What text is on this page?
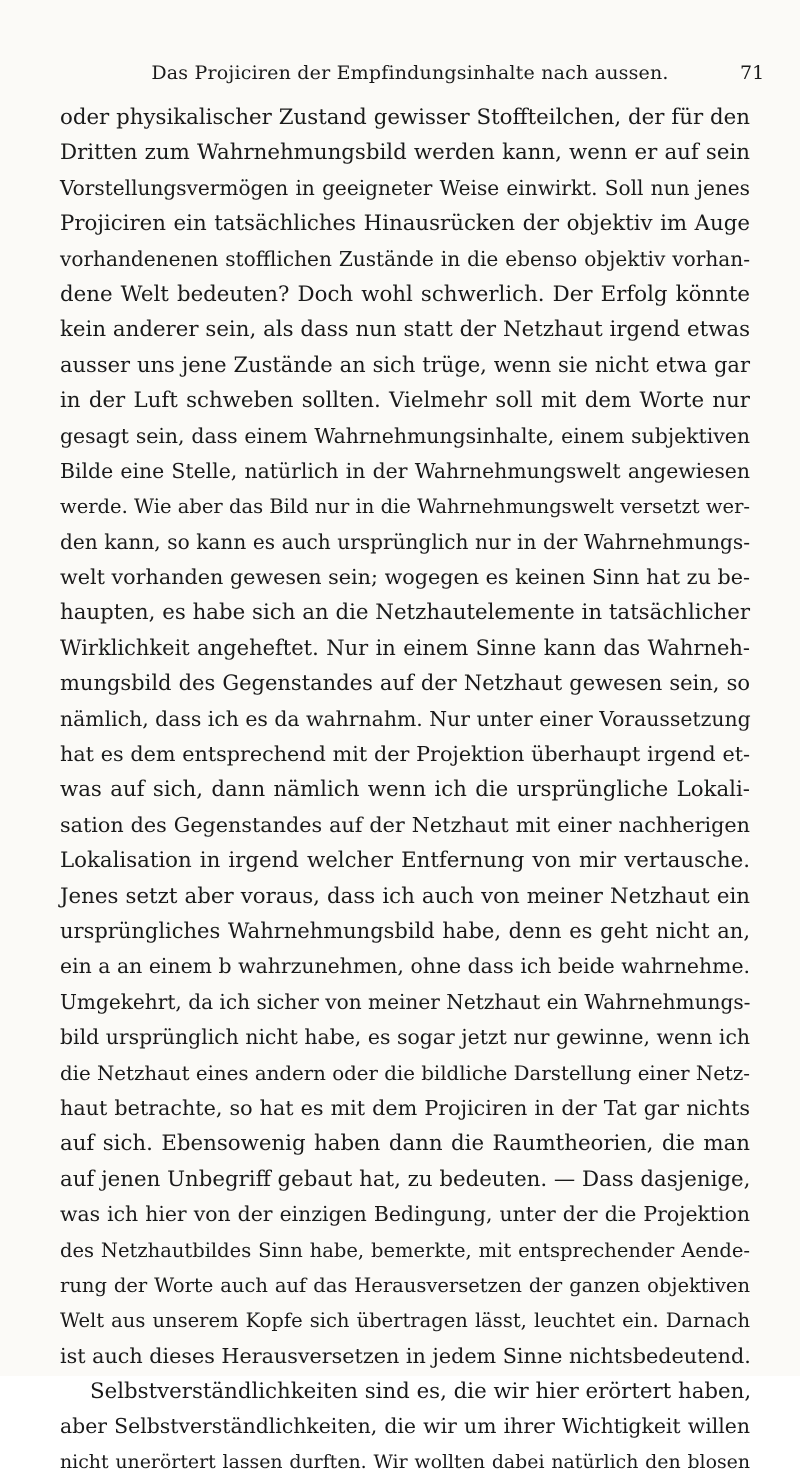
Das Projiciren der Empfindungsinhalte nach aussen.	71
oder physikalischer Zustand gewisser Stoffteilchen, der für den
Dritten zum Wahrnehmungsbild werden kann, wenn er auf sein
Vorstellungsvermögen in geeigneter Weise einwirkt. Soll nun jenes
Projiciren ein tatsächliches Hinausrücken der objektiv im Auge
vorhandenenen stofflichen Zustände in die ebenso objektiv vorhan-
dene Welt bedeuten? Doch wohl schwerlich. Der Erfolg könnte
kein anderer sein, als dass nun statt der Netzhaut irgend etwas
ausser uns jene Zustände an sich trüge, wenn sie nicht etwa gar
in der Luft schweben sollten. Vielmehr soll mit dem Worte nur
gesagt sein, dass einem Wahrnehmungsinhalte, einem subjektiven
Bilde eine Stelle, natürlich in der Wahrnehmungswelt angewiesen
werde. Wie aber das Bild nur in die Wahrnehmungswelt versetzt wer-
den kann, so kann es auch ursprünglich nur in der Wahrnehmungs-
welt vorhanden gewesen sein; wogegen es keinen Sinn hat zu be-
haupten, es habe sich an die Netzhautelemente in tatsächlicher
Wirklichkeit angeheftet. Nur in einem Sinne kann das Wahrneh-
mungsbild des Gegenstandes auf der Netzhaut gewesen sein, so
nämlich, dass ich es da wahrnahm. Nur unter einer Voraussetzung
hat es dem entsprechend mit der Projektion überhaupt irgend et-
was auf sich, dann nämlich wenn ich die ursprüngliche Lokali-
sation des Gegenstandes auf der Netzhaut mit einer nachherigen
Lokalisation in irgend welcher Entfernung von mir vertausche.
Jenes setzt aber voraus, dass ich auch von meiner Netzhaut ein
ursprüngliches Wahrnehmungsbild habe, denn es geht nicht an,
ein a an einem b wahrzunehmen, ohne dass ich beide wahrnehme.
Umgekehrt, da ich sicher von meiner Netzhaut ein Wahrnehmungs-
bild ursprünglich nicht habe, es sogar jetzt nur gewinne, wenn ich
die Netzhaut eines andern oder die bildliche Darstellung einer Netz-
haut betrachte, so hat es mit dem Projiciren in der Tat gar nichts
auf sich. Ebensowenig haben dann die Raumtheorien, die man
auf jenen Unbegriff gebaut hat, zu bedeuten. — Dass dasjenige,
was ich hier von der einzigen Bedingung, unter der die Projektion
des Netzhautbildes Sinn habe, bemerkte, mit entsprechender Aende-
rung der Worte auch auf das Herausversetzen der ganzen objektiven
Welt aus unserem Kopfe sich übertragen lässt, leuchtet ein. Darnach
ist auch dieses Herausversetzen in jedem Sinne nichtsbedeutend.
Selbstverständlichkeiten sind es, die wir hier erörtert haben,
aber Selbstverständlichkeiten, die wir um ihrer Wichtigkeit willen
nicht unerörtert lassen durften. Wir wollten dabei natürlich den blosen
